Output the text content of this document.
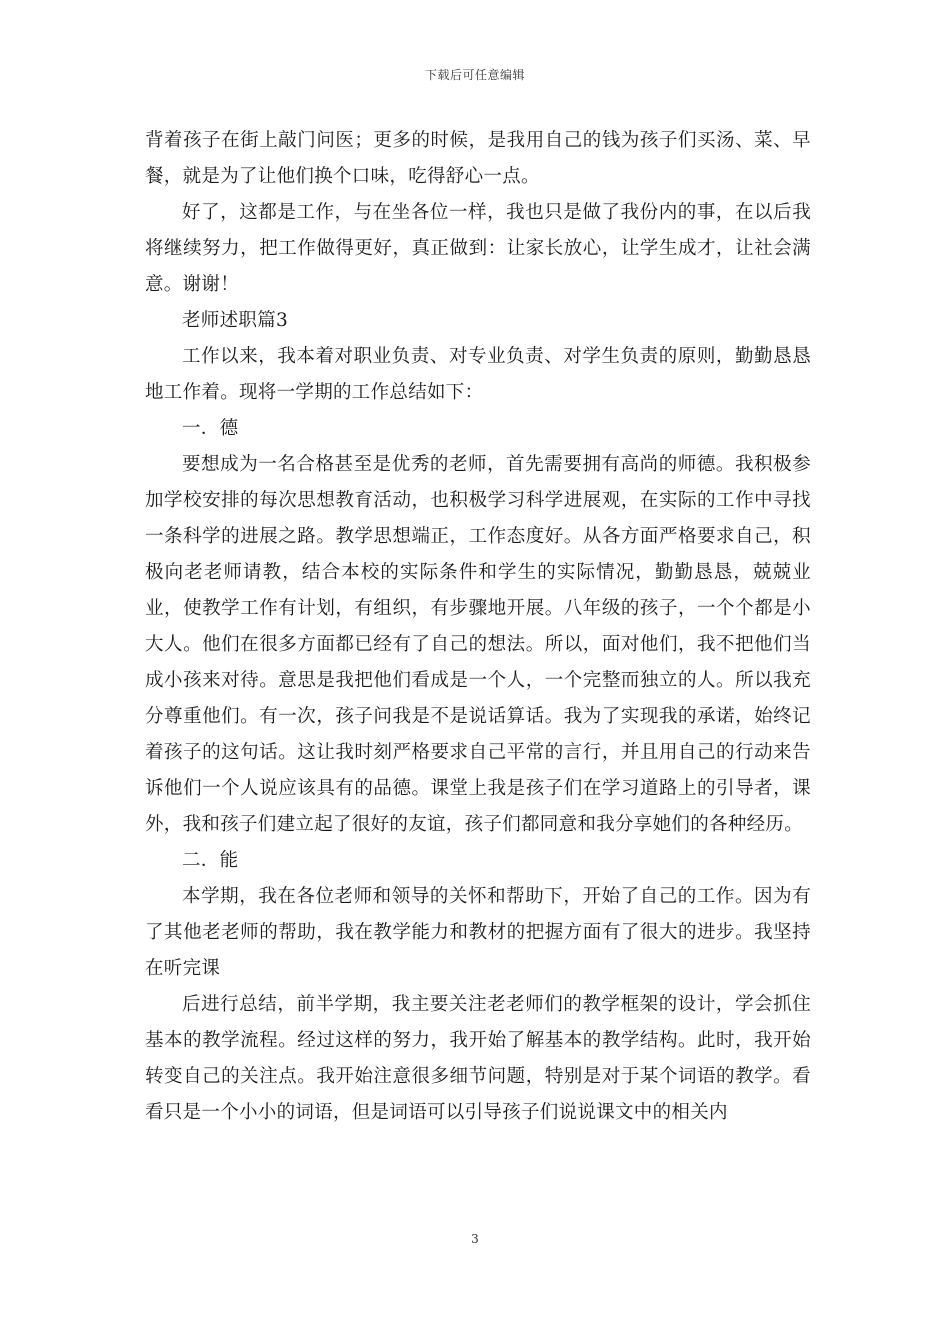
下载后可任意编辑

背着孩子在街上敲门问医；更多的时候，是我用自己的钱为孩子们买汤、菜、早餐，就是为了让他们换个口味，吃得舒心一点。

好了，这都是工作，与在坐各位一样，我也只是做了我份内的事，在以后我将继续努力，把工作做得更好，真正做到：让家长放心，让学生成才，让社会满意。谢谢！

老师述职篇3

工作以来，我本着对职业负责、对专业负责、对学生负责的原则，勤勤恳恳地工作着。现将一学期的工作总结如下：

一．德

要想成为一名合格甚至是优秀的老师，首先需要拥有高尚的师德。我积极参加学校安排的每次思想教育活动，也积极学习科学进展观，在实际的工作中寻找一条科学的进展之路。教学思想端正，工作态度好。从各方面严格要求自己，积极向老老师请教，结合本校的实际条件和学生的实际情况，勤勤恳恳，兢兢业业，使教学工作有计划，有组织，有步骤地开展。八年级的孩子，一个个都是小大人。他们在很多方面都已经有了自己的想法。所以，面对他们，我不把他们当成小孩来对待。意思是我把他们看成是一个人，一个完整而独立的人。所以我充分尊重他们。有一次，孩子问我是不是说话算话。我为了实现我的承诺，始终记着孩子的这句话。这让我时刻严格要求自己平常的言行，并且用自己的行动来告诉他们一个人说应该具有的品德。课堂上我是孩子们在学习道路上的引导者，课外，我和孩子们建立起了很好的友谊，孩子们都同意和我分享她们的各种经历。

二．能

本学期，我在各位老师和领导的关怀和帮助下，开始了自己的工作。因为有了其他老老师的帮助，我在教学能力和教材的把握方面有了很大的进步。我坚持在听完课

后进行总结，前半学期，我主要关注老老师们的教学框架的设计，学会抓住基本的教学流程。经过这样的努力，我开始了解基本的教学结构。此时，我开始转变自己的关注点。我开始注意很多细节问题，特别是对于某个词语的教学。看看只是一个小小的词语，但是词语可以引导孩子们说说课文中的相关内

3
